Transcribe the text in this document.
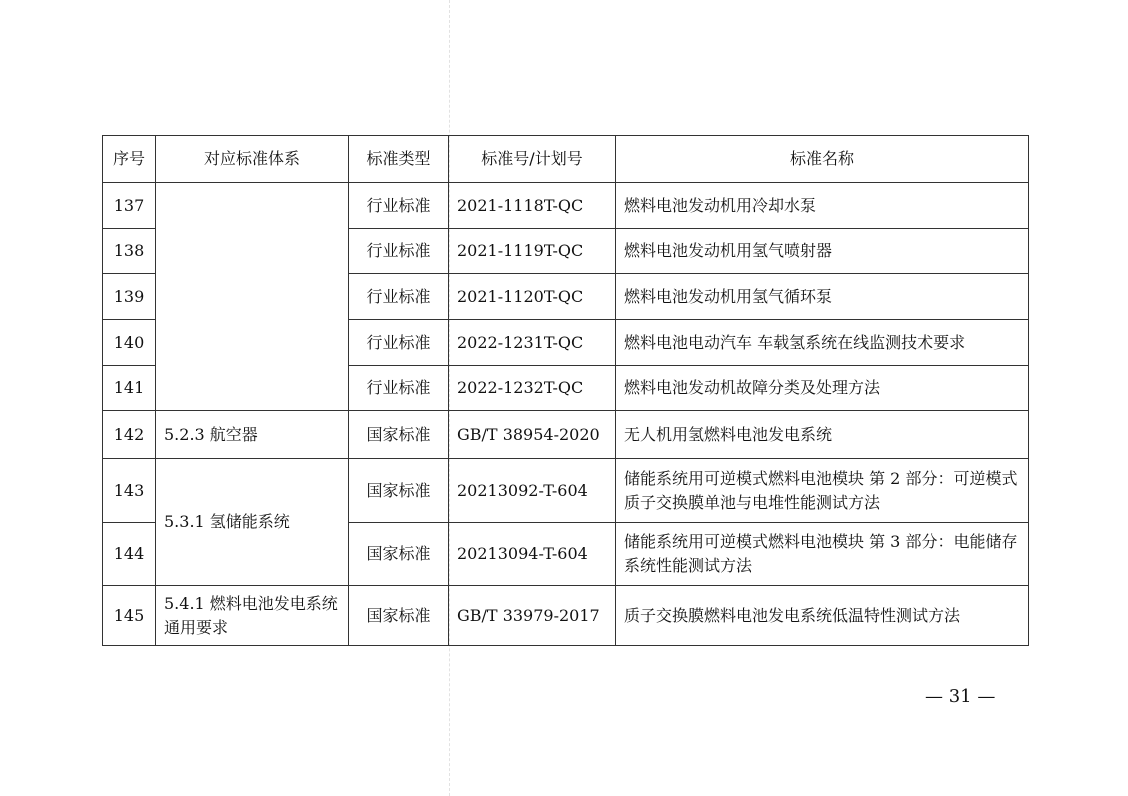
序号	对应标准体系	标准类型	标准号/计划号	标准名称
137		行业标准	2021-1118T-QC	燃料电池发动机用冷却水泵
138		行业标准	2021-1119T-QC	燃料电池发动机用氢气喷射器
139		行业标准	2021-1120T-QC	燃料电池发动机用氢气循环泵
140		行业标准	2022-1231T-QC	燃料电池电动汽车 车载氢系统在线监测技术要求
141		行业标准	2022-1232T-QC	燃料电池发动机故障分类及处理方法
142	5.2.3 航空器	国家标准	GB/T 38954-2020	无人机用氢燃料电池发电系统
143	5.3.1 氢储能系统	国家标准	20213092-T-604	储能系统用可逆模式燃料电池模块 第 2 部分：可逆模式质子交换膜单池与电堆性能测试方法
144		国家标准	20213094-T-604	储能系统用可逆模式燃料电池模块 第 3 部分：电能储存系统性能测试方法
145	5.4.1 燃料电池发电系统通用要求	国家标准	GB/T 33979-2017	质子交换膜燃料电池发电系统低温特性测试方法
— 31 —
